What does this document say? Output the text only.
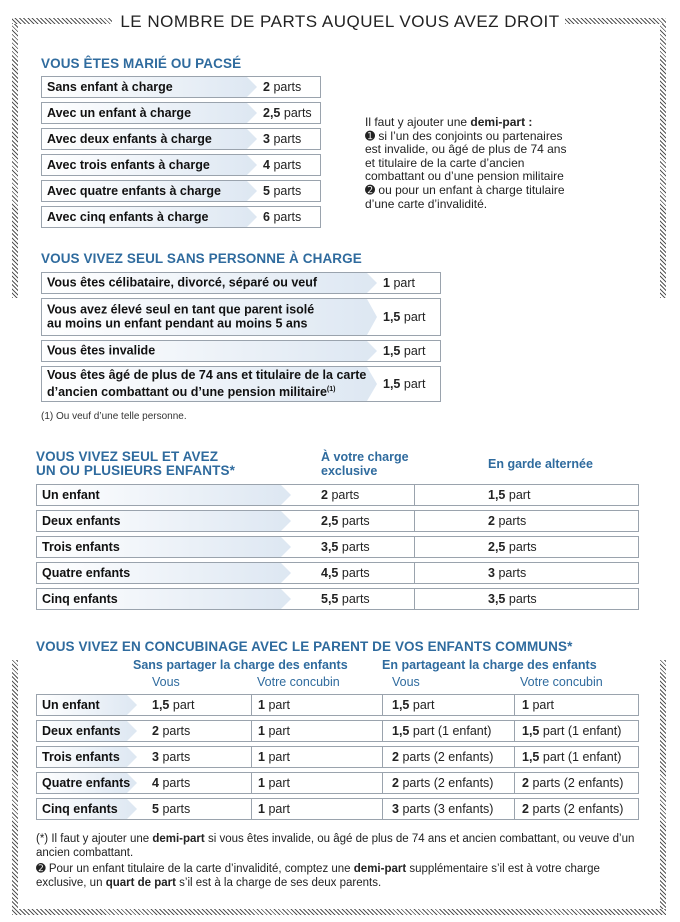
LE NOMBRE DE PARTS AUQUEL VOUS AVEZ DROIT
VOUS ÊTES MARIÉ OU PACSÉ
Sans enfant à charge	2 parts
Avec un enfant à charge	2,5 parts
Avec deux enfants à charge	3 parts
Avec trois enfants à charge	4 parts
Avec quatre enfants à charge	5 parts
Avec cinq enfants à charge	6 parts
Il faut y ajouter une demi-part :
➊ si l’un des conjoints ou partenaires est invalide, ou âgé de plus de 74 ans et titulaire de la carte d’ancien combattant ou d’une pension militaire
➋ ou pour un enfant à charge titulaire d’une carte d’invalidité.
VOUS VIVEZ SEUL SANS PERSONNE À CHARGE
Vous êtes célibataire, divorcé, séparé ou veuf	1 part
Vous avez élevé seul en tant que parent isolé
au moins un enfant pendant au moins 5 ans	1,5 part
Vous êtes invalide	1,5 part
Vous êtes âgé de plus de 74 ans et titulaire de la carte
d’ancien combattant ou d’une pension militaire$^{(1)}$	1,5 part
(1) Ou veuf d’une telle personne.
VOUS VIVEZ SEUL ET AVEZ
UN OU PLUSIEURS ENFANTS*
À votre charge
exclusive	En garde alternée
Un enfant	2 parts	1,5 part
Deux enfants	2,5 parts	2 parts
Trois enfants	3,5 parts	2,5 parts
Quatre enfants	4,5 parts	3 parts
Cinq enfants	5,5 parts	3,5 parts
VOUS VIVEZ EN CONCUBINAGE AVEC LE PARENT DE VOS ENFANTS COMMUNS*
Sans partager la charge des enfants	En partageant la charge des enfants
Vous	Votre concubin	Vous	Votre concubin
Un enfant	1,5 part	1 part	1,5 part	1 part
Deux enfants	2 parts	1 part	1,5 part (1 enfant) 1,5 part (1 enfant)
Trois enfants	3 parts	1 part	2 parts (2 enfants) 1,5 part (1 enfant)
Quatre enfants 4 parts	1 part	2 parts (2 enfants) 2 parts (2 enfants)
Cinq enfants	5 parts	1 part	3 parts (3 enfants) 2 parts (2 enfants)
(*) Il faut y ajouter une demi-part si vous êtes invalide, ou âgé de plus de 74 ans et ancien combattant, ou veuve d’un ancien combattant.
➋ Pour un enfant titulaire de la carte d’invalidité, comptez une demi-part supplémentaire s’il est à votre charge exclusive, un quart de part s’il est à la charge de ses deux parents.
